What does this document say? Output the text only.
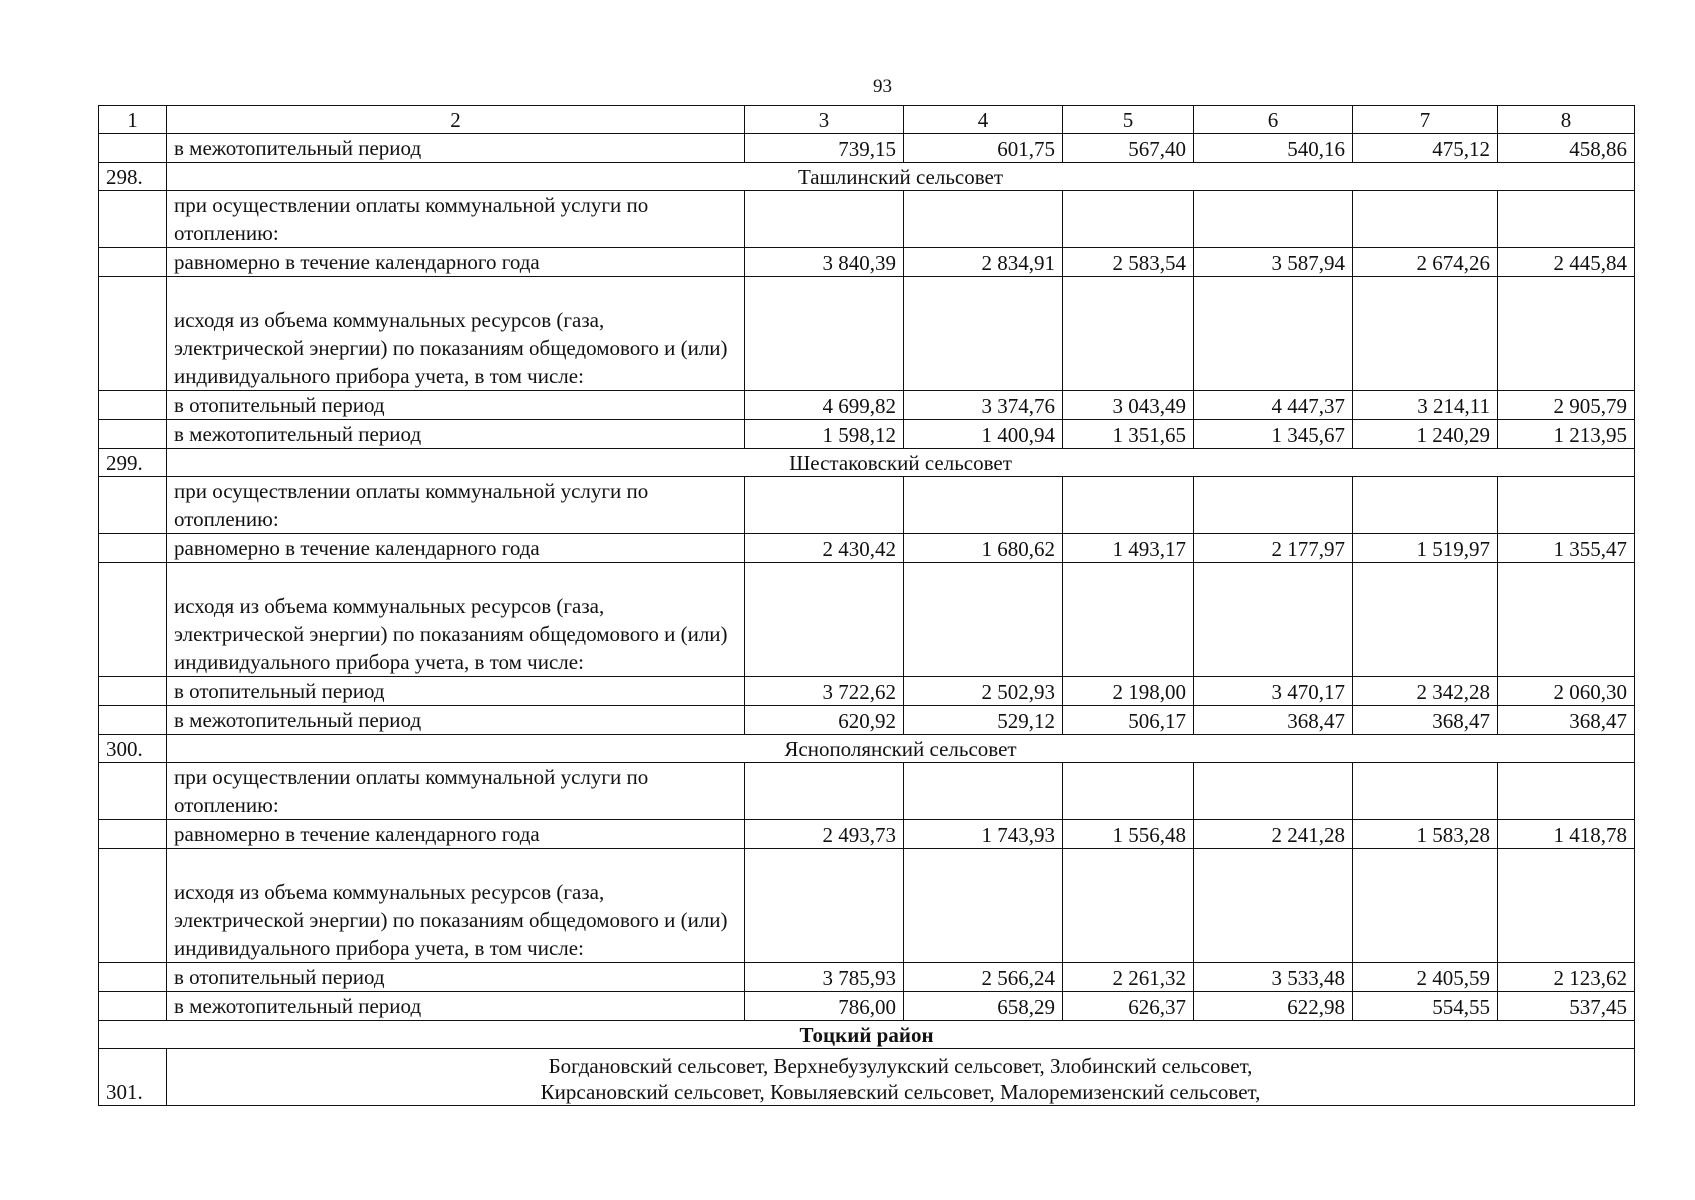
93
1	2	3	4	5	6	7	8
	в межотопительный период	739,15	601,75	567,40	540,16	475,12	458,86
298.	Ташлинский сельсовет						
	при осуществлении оплаты коммунальной услуги по отоплению:						
	равномерно в течение календарного года	3 840,39	2 834,91	2 583,54	3 587,94	2 674,26	2 445,84
	исходя из объема коммунальных ресурсов (газа, электрической энергии) по показаниям общедомового и (или) индивидуального прибора учета, в том числе:						
	в отопительный период	4 699,82	3 374,76	3 043,49	4 447,37	3 214,11	2 905,79
	в межотопительный период	1 598,12	1 400,94	1 351,65	1 345,67	1 240,29	1 213,95
299.	Шестаковский сельсовет						
	при осуществлении оплаты коммунальной услуги по отоплению:						
	равномерно в течение календарного года	2 430,42	1 680,62	1 493,17	2 177,97	1 519,97	1 355,47
	исходя из объема коммунальных ресурсов (газа, электрической энергии) по показаниям общедомового и (или) индивидуального прибора учета, в том числе:						
	в отопительный период	3 722,62	2 502,93	2 198,00	3 470,17	2 342,28	2 060,30
	в межотопительный период	620,92	529,12	506,17	368,47	368,47	368,47
300.	Яснополянский сельсовет						
	при осуществлении оплаты коммунальной услуги по отоплению:						
	равномерно в течение календарного года	2 493,73	1 743,93	1 556,48	2 241,28	1 583,28	1 418,78
	исходя из объема коммунальных ресурсов (газа, электрической энергии) по показаниям общедомового и (или) индивидуального прибора учета, в том числе:						
	в отопительный период	3 785,93	2 566,24	2 261,32	3 533,48	2 405,59	2 123,62
	в межотопительный период	786,00	658,29	626,37	622,98	554,55	537,45
Тоцкий район							
301.	Богдановский сельсовет, Верхнебузулукский сельсовет, Злобинский сельсовет,
Кирсановский сельсовет, Ковыляевский сельсовет, Малоремизенский сельсовет,						
